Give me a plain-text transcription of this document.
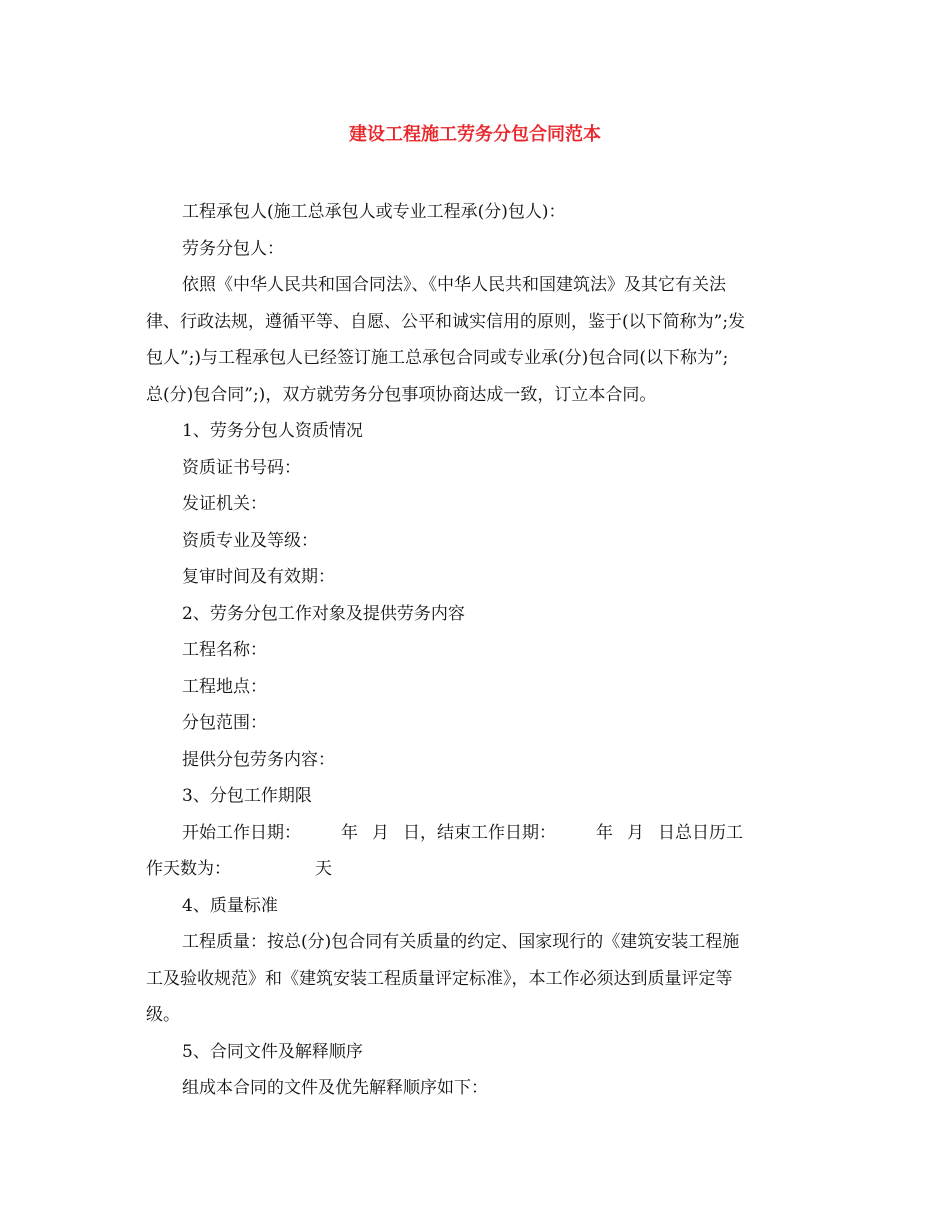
建设工程施工劳务分包合同范本

工程承包人(施工总承包人或专业工程承(分)包人)：

劳务分包人：

依照《中华人民共和国合同法》、《中华人民共和国建筑法》及其它有关法
律、行政法规，遵循平等、自愿、公平和诚实信用的原则，鉴于(以下简称为”;发
包人”;)与工程承包人已经签订施工总承包合同或专业承(分)包合同(以下称为”;
总(分)包合同”;)，双方就劳务分包事项协商达成一致，订立本合同。

1、劳务分包人资质情况

资质证书号码：

发证机关：

资质专业及等级：

复审时间及有效期：

2、劳务分包工作对象及提供劳务内容

工程名称：

工程地点：

分包范围：

提供分包劳务内容：

3、分包工作期限

开始工作日期： 年 月 日，结束工作日期： 年 月 日总日历工
作天数为：	天

4、质量标准

工程质量：按总(分)包合同有关质量的约定、国家现行的《建筑安装工程施
工及验收规范》和《建筑安装工程质量评定标准》，本工作必须达到质量评定等
级。

5、合同文件及解释顺序

组成本合同的文件及优先解释顺序如下：
